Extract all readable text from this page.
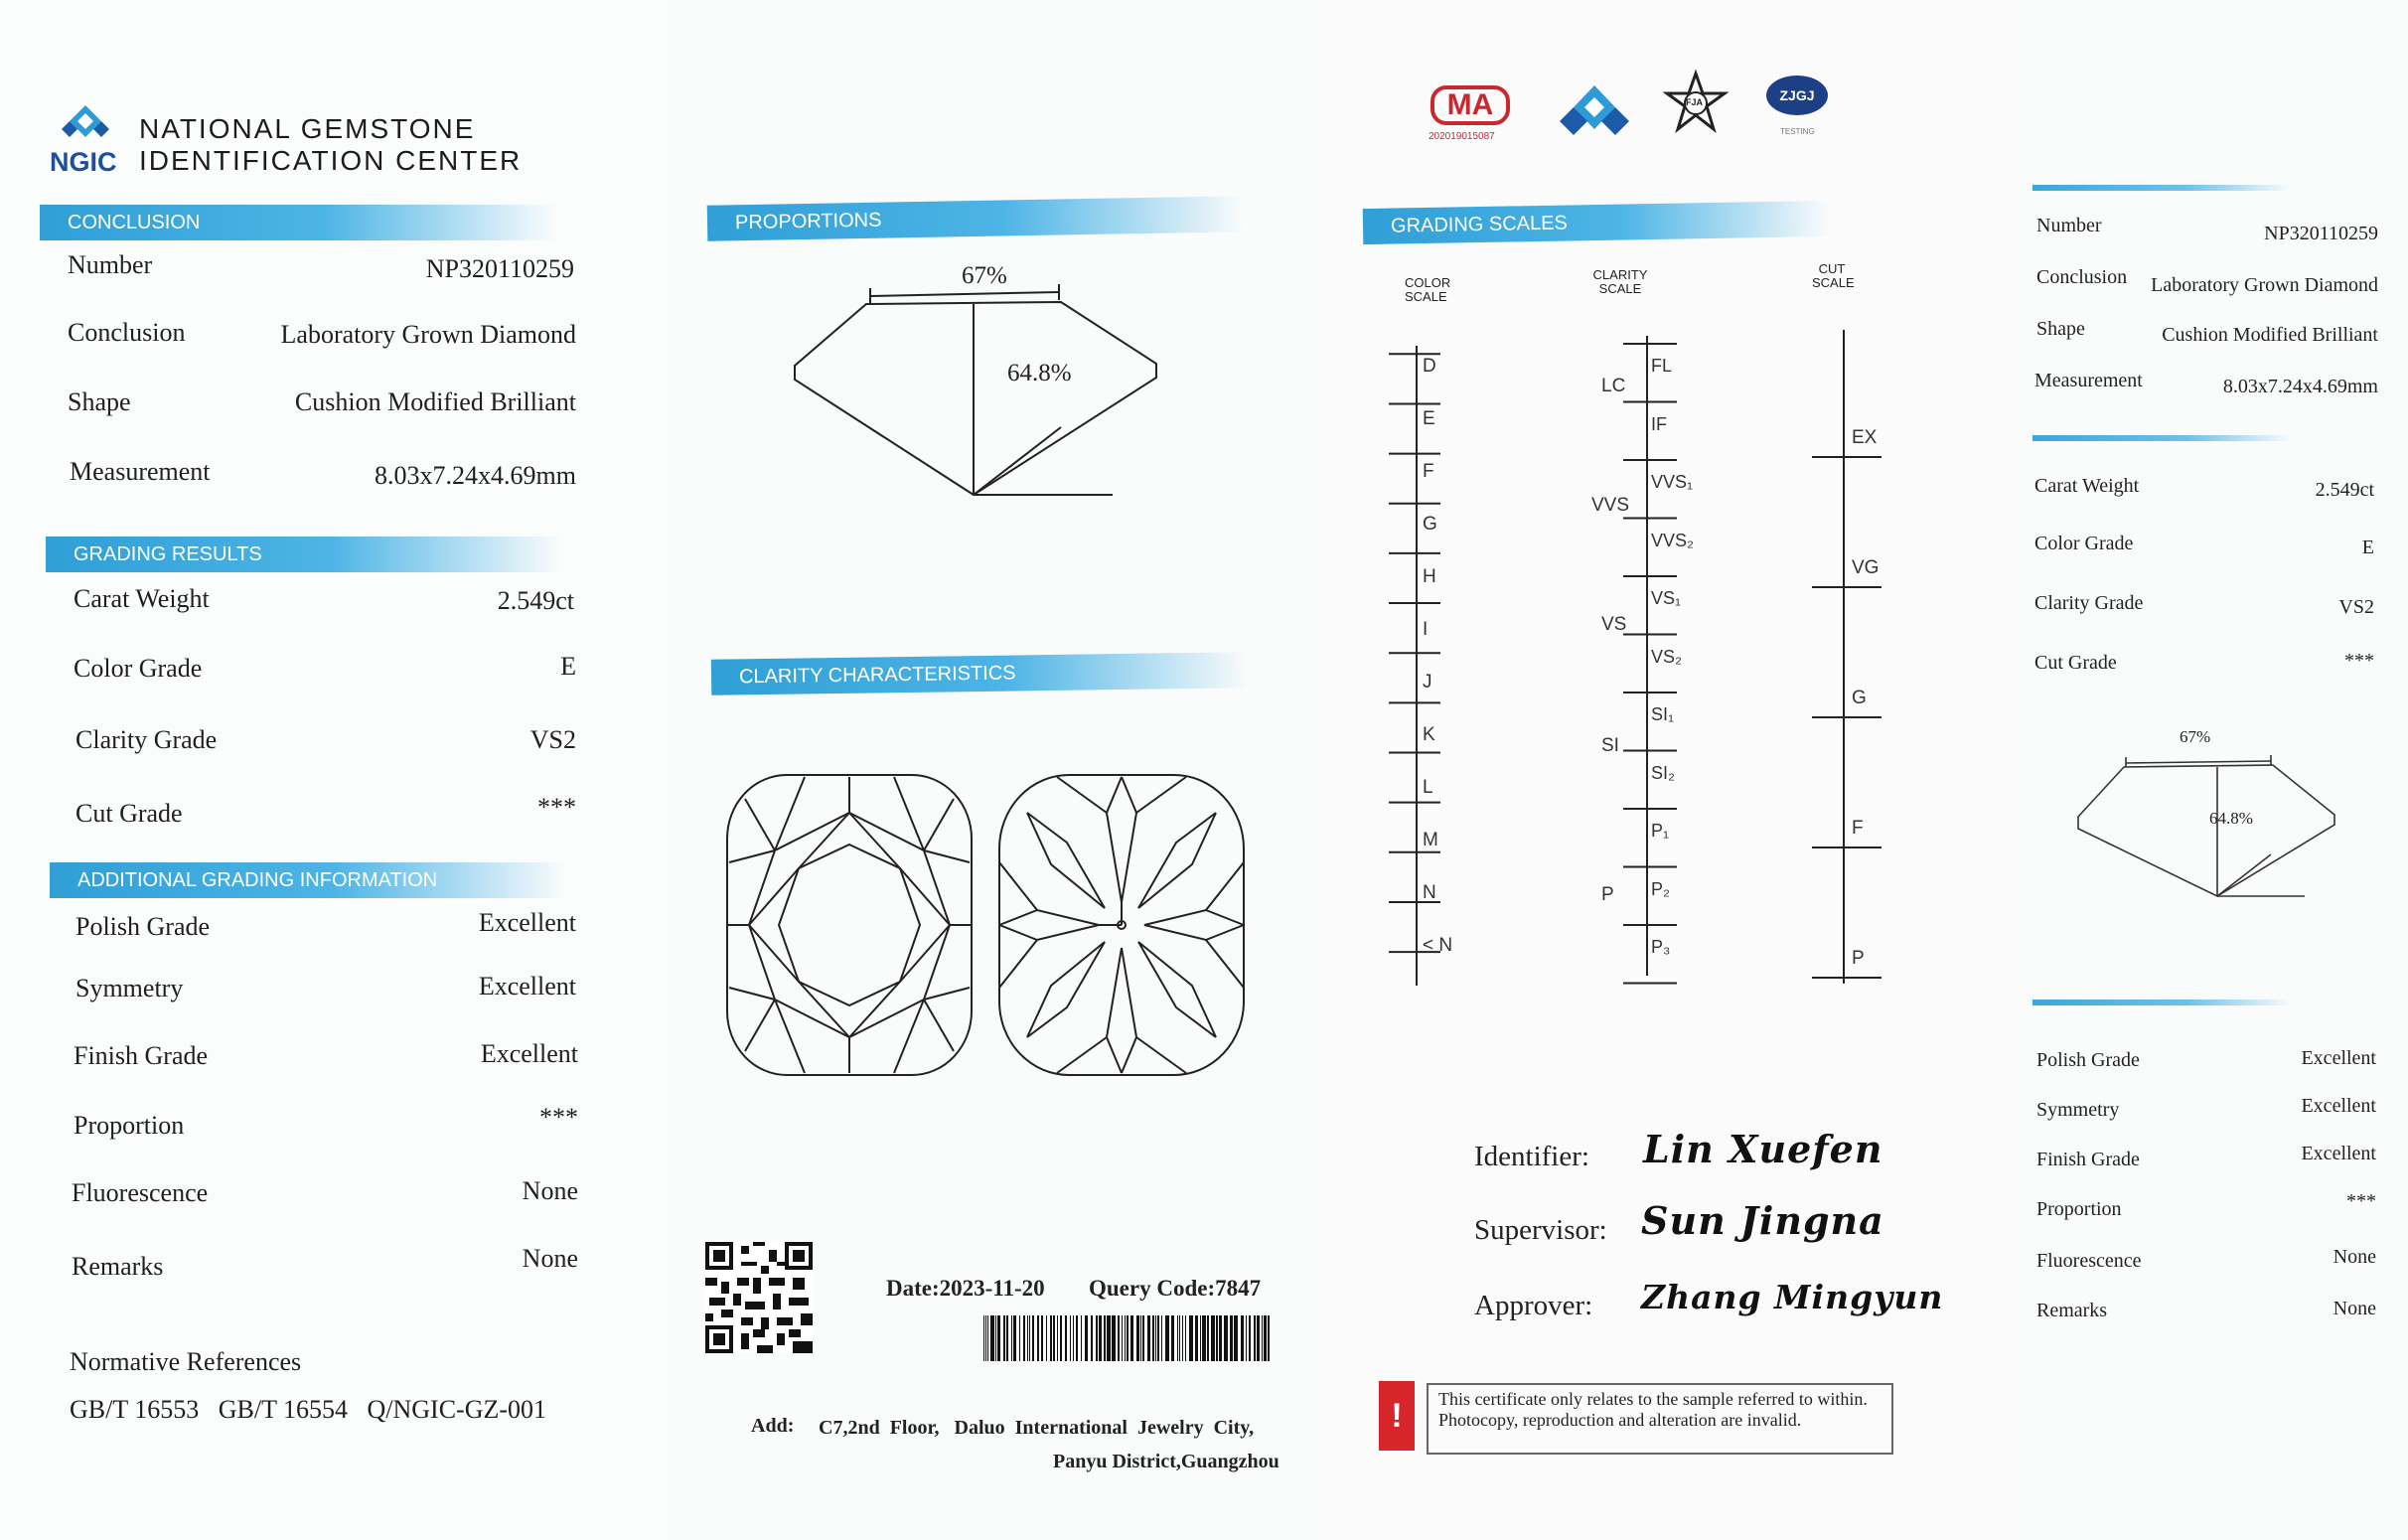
NGIC
NATIONAL GEMSTONE
IDENTIFICATION CENTER
CONCLUSION
Number	NP320110259
Conclusion	Laboratory Grown Diamond
Shape	Cushion Modified Brilliant
Measurement	8.03x7.24x4.69mm
GRADING RESULTS
Carat Weight	2.549ct
Color Grade	E
Clarity Grade	VS2
Cut Grade	***
ADDITIONAL GRADING INFORMATION
Polish Grade	Excellent
Symmetry	Excellent
Finish Grade	Excellent
Proportion	***
Fluorescence	None
Remarks	None
Normative References
GB/T 16553   GB/T 16554   Q/NGIC-GZ-001
PROPORTIONS
67%
64.8%
CLARITY CHARACTERISTICS
Date:2023-11-20 Query Code:7847
Add: C7,2nd  Floor,   Daluo  International  Jewelry  City,
Panyu District,Guangzhou
MA
202019015087
FJA	ZJGJ
TESTING
GRADING SCALES
COLOR SCALE
CLARITY SCALE
CUT SCALE
Identifier: Lin Xuefen
Supervisor: Sun Jingna
Approver: Zhang Mingyun
!	This certificate only relates to the sample referred to within. Photocopy, reproduction and alteration are invalid.
D
E
F
G
H
I
J
K
L
M
N
< N
FL
IF
VVS₁
VVS₂
VS₁
VS₂
SI₁
SI₂
P₁
P₂
P₃
LC
VVS
VS
SI
P
EX
VG
G
F
P
Number	NP320110259
Conclusion Laboratory Grown Diamond
Shape	Cushion Modified Brilliant
Measurement	8.03x7.24x4.69mm
Carat Weight	2.549ct
Color Grade	E
Clarity Grade	VS2
Cut Grade	***
67%
64.8%
Polish Grade	Excellent
Symmetry	Excellent
Finish Grade	Excellent
Proportion	***
Fluorescence	None
Remarks	None
